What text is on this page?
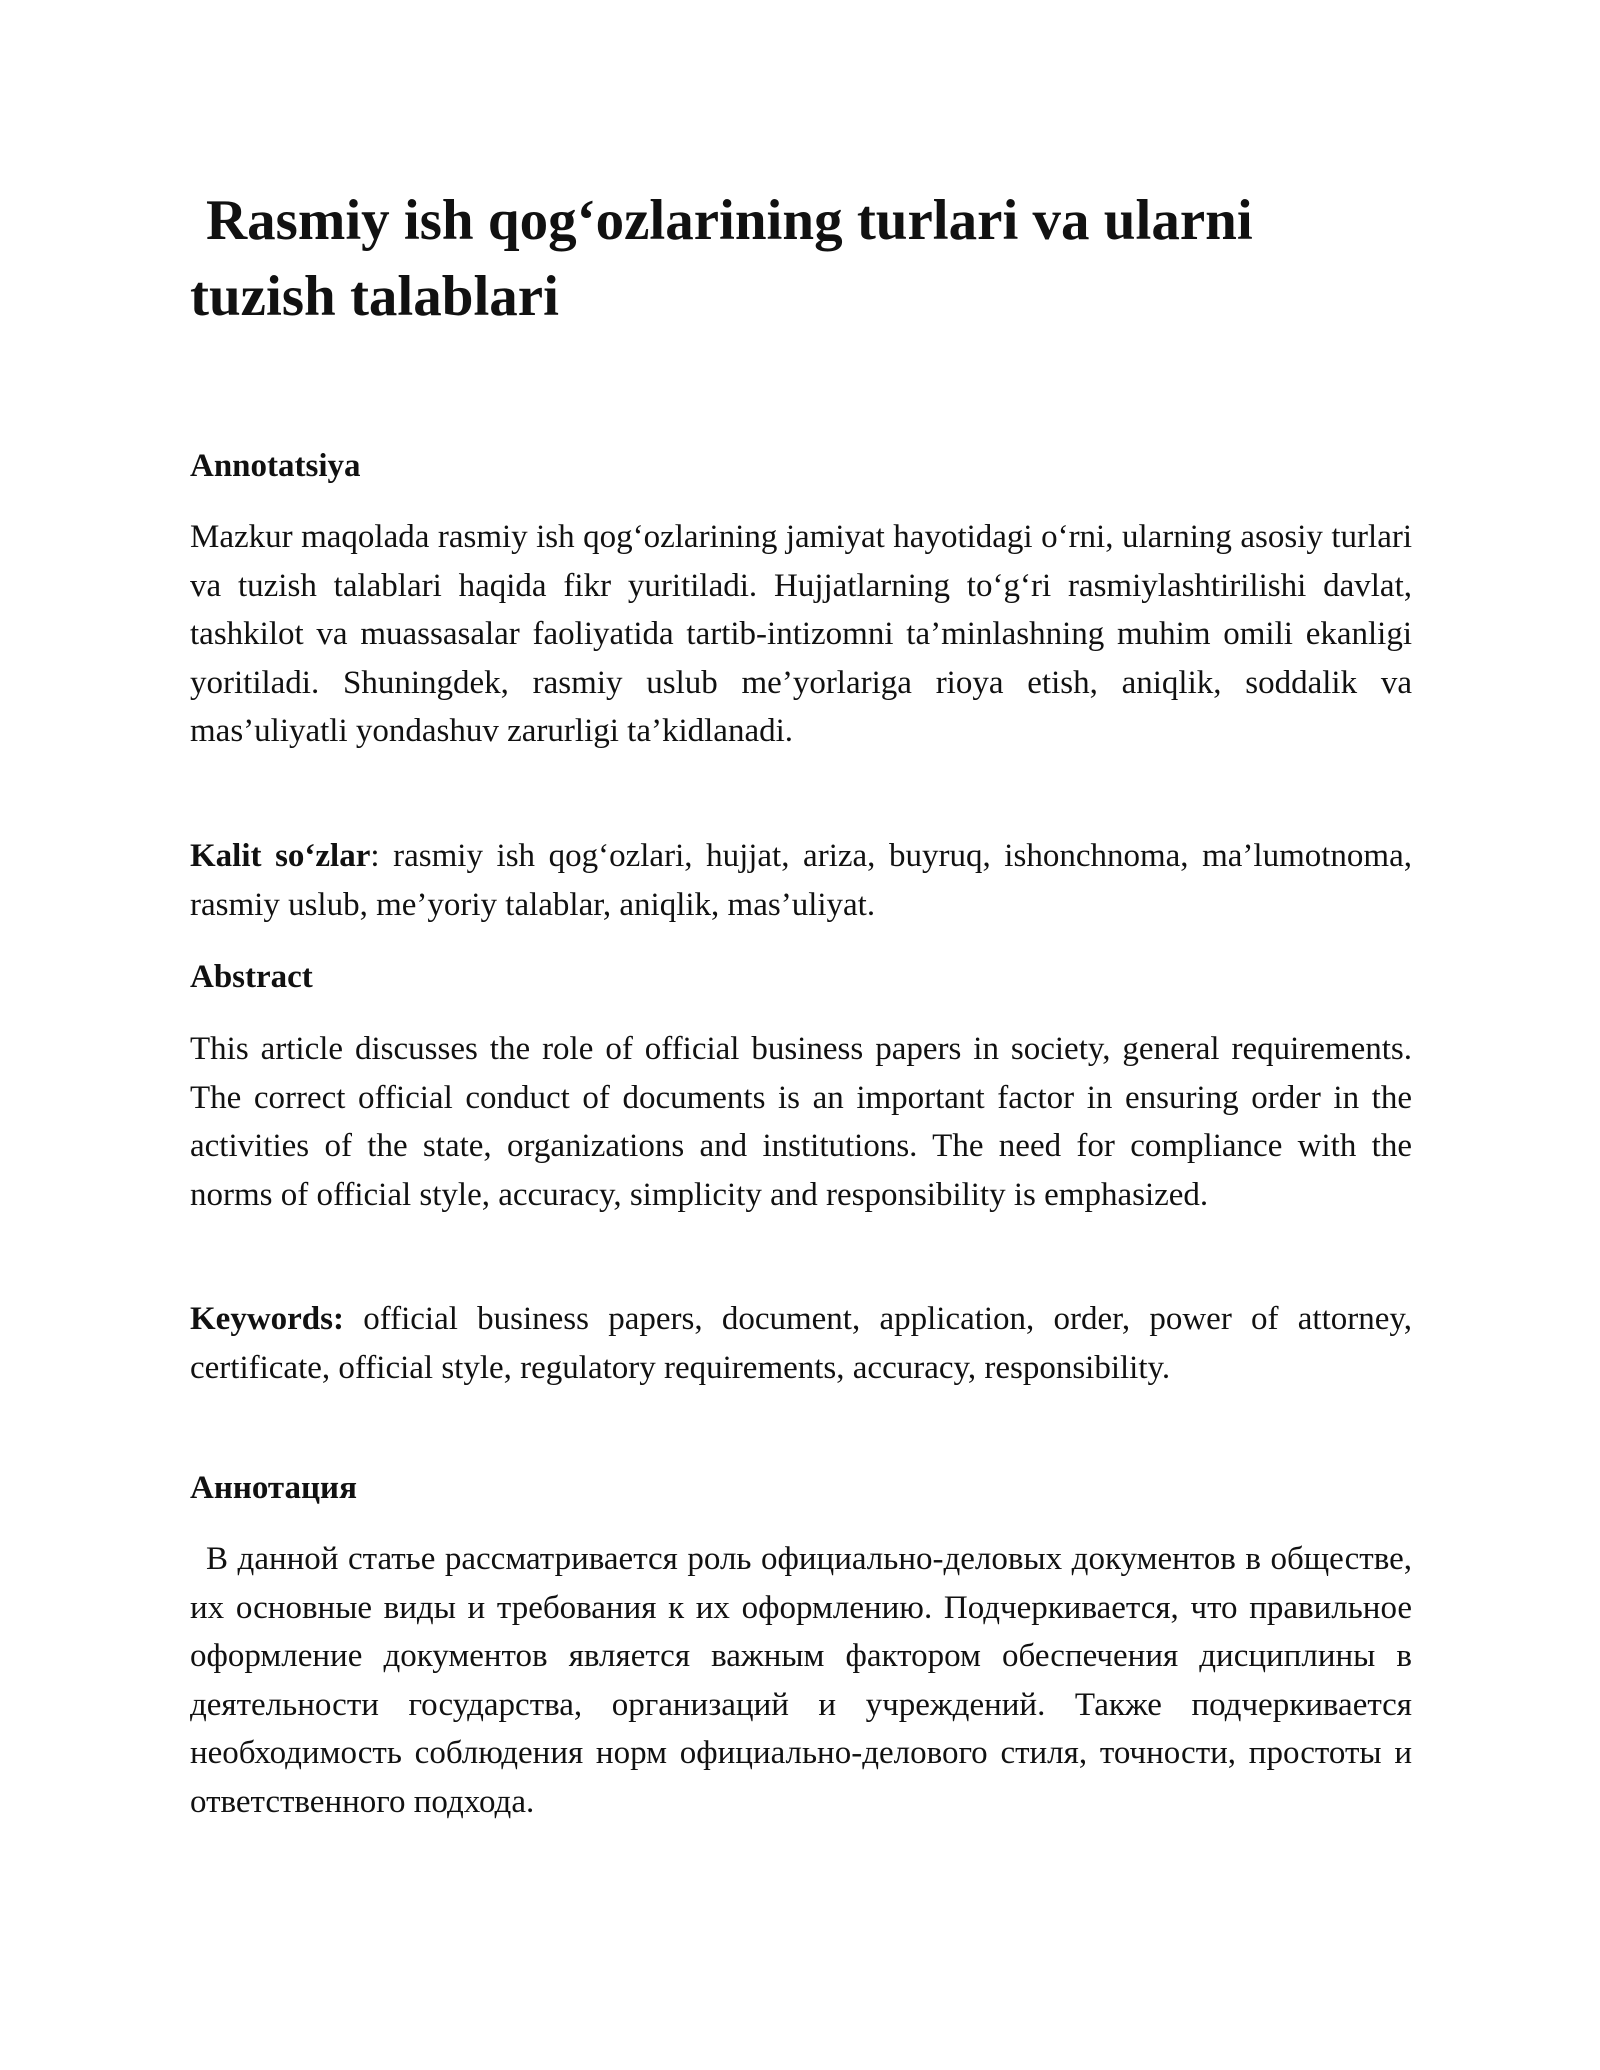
Rasmiy ish qog‘ozlarining turlari va ularni tuzish talablari
Annotatsiya

Mazkur maqolada rasmiy ish qog‘ozlarining jamiyat hayotidagi o‘rni, ularning asosiy turlari va tuzish talablari haqida fikr yuritiladi. Hujjatlarning to‘g‘ri rasmiylashtirilishi davlat, tashkilot va muassasalar faoliyatida tartib-intizomni ta’minlashning muhim omili ekanligi yoritiladi. Shuningdek, rasmiy uslub me’yorlariga rioya etish, aniqlik, soddalik va mas’uliyatli yondashuv zarurligi ta’kidlanadi.

Kalit so‘zlar: rasmiy ish qog‘ozlari, hujjat, ariza, buyruq, ishonchnoma, ma’lumotnoma, rasmiy uslub, me’yoriy talablar, aniqlik, mas’uliyat.

Abstract

This article discusses the role of official business papers in society, general requirements. The correct official conduct of documents is an important factor in ensuring order in the activities of the state, organizations and institutions. The need for compliance with the norms of official style, accuracy, simplicity and responsibility is emphasized.

Keywords: official business papers, document, application, order, power of attorney, certificate, official style, regulatory requirements, accuracy, responsibility.

Аннотация

В данной статье рассматривается роль официально-деловых документов в обществе, их основные виды и требования к их оформлению. Подчеркивается, что правильное оформление документов является важным фактором обеспечения дисциплины в деятельности государства, организаций и учреждений. Также подчеркивается необходимость соблюдения норм официально-делового стиля, точности, простоты и ответственного подхода.
